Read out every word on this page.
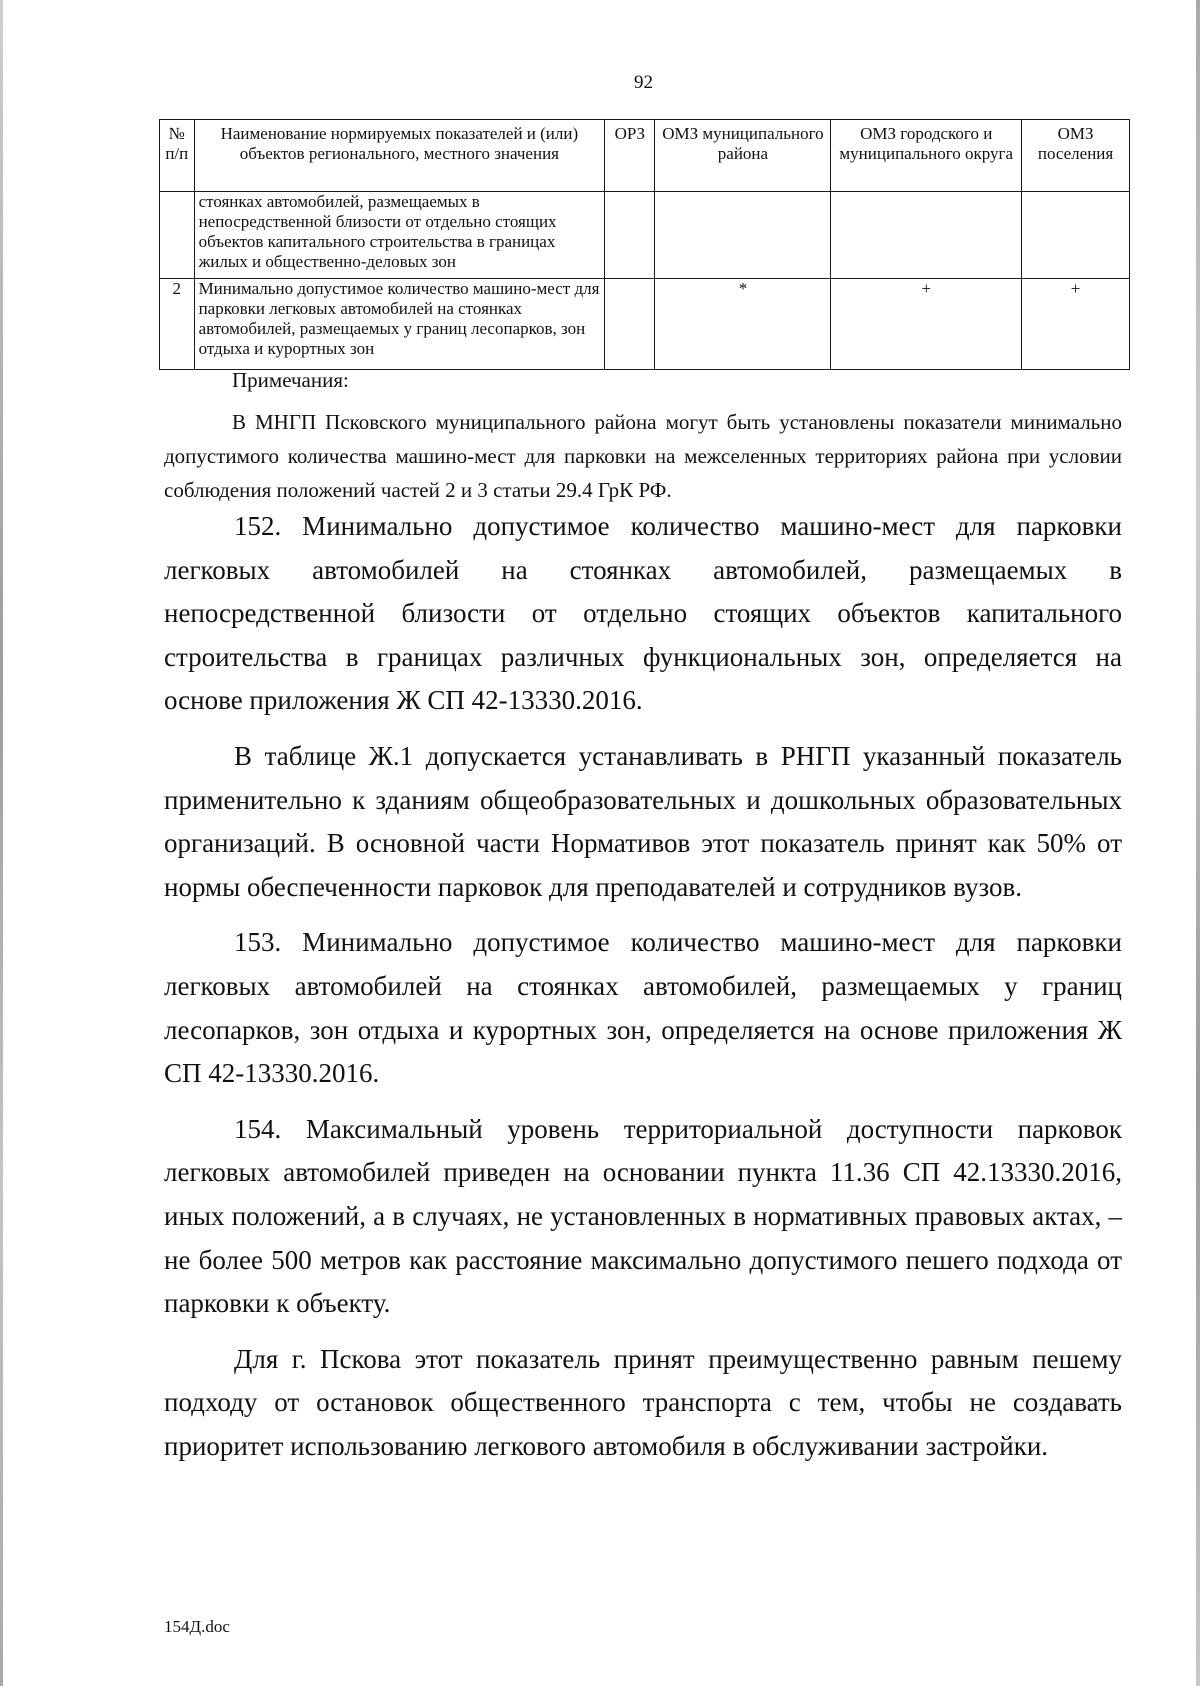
92
№ п/п	Наименование нормируемых показателей и (или) объектов регионального, местного значения	ОРЗ	ОМЗ муниципального района	ОМЗ городского и муниципального округа	ОМЗ поселения
	стоянках автомобилей, размещаемых в непосредственной близости от отдельно стоящих объектов капитального строительства в границах жилых и общественно-деловых зон				
2	Минимально допустимое количество машино-мест для парковки легковых автомобилей на стоянках автомобилей, размещаемых у границ лесопарков, зон отдыха и курортных зон		*	+	+
Примечания:
В МНГП Псковского муниципального района могут быть установлены показатели минимально допустимого количества машино-мест для парковки на межселенных территориях района при условии соблюдения положений частей 2 и 3 статьи 29.4 ГрК РФ.

152. Минимально допустимое количество машино-мест для парковки легковых автомобилей на стоянках автомобилей, размещаемых в непосредственной близости от отдельно стоящих объектов капитального строительства в границах различных функциональных зон, определяется на основе приложения Ж СП 42-13330.2016.

В таблице Ж.1 допускается устанавливать в РНГП указанный показатель применительно к зданиям общеобразовательных и дошкольных образовательных организаций. В основной части Нормативов этот показатель принят как 50% от нормы обеспеченности парковок для преподавателей и сотрудников вузов.

153. Минимально допустимое количество машино-мест для парковки легковых автомобилей на стоянках автомобилей, размещаемых у границ лесопарков, зон отдыха и курортных зон, определяется на основе приложения Ж СП 42-13330.2016.

154. Максимальный уровень территориальной доступности парковок легковых автомобилей приведен на основании пункта 11.36 СП 42.13330.2016, иных положений, а в случаях, не установленных в нормативных правовых актах, – не более 500 метров как расстояние максимально допустимого пешего подхода от парковки к объекту.

Для г. Пскова этот показатель принят преимущественно равным пешему подходу от остановок общественного транспорта с тем, чтобы не создавать приоритет использованию легкового автомобиля в обслуживании застройки.

154Д.doc
